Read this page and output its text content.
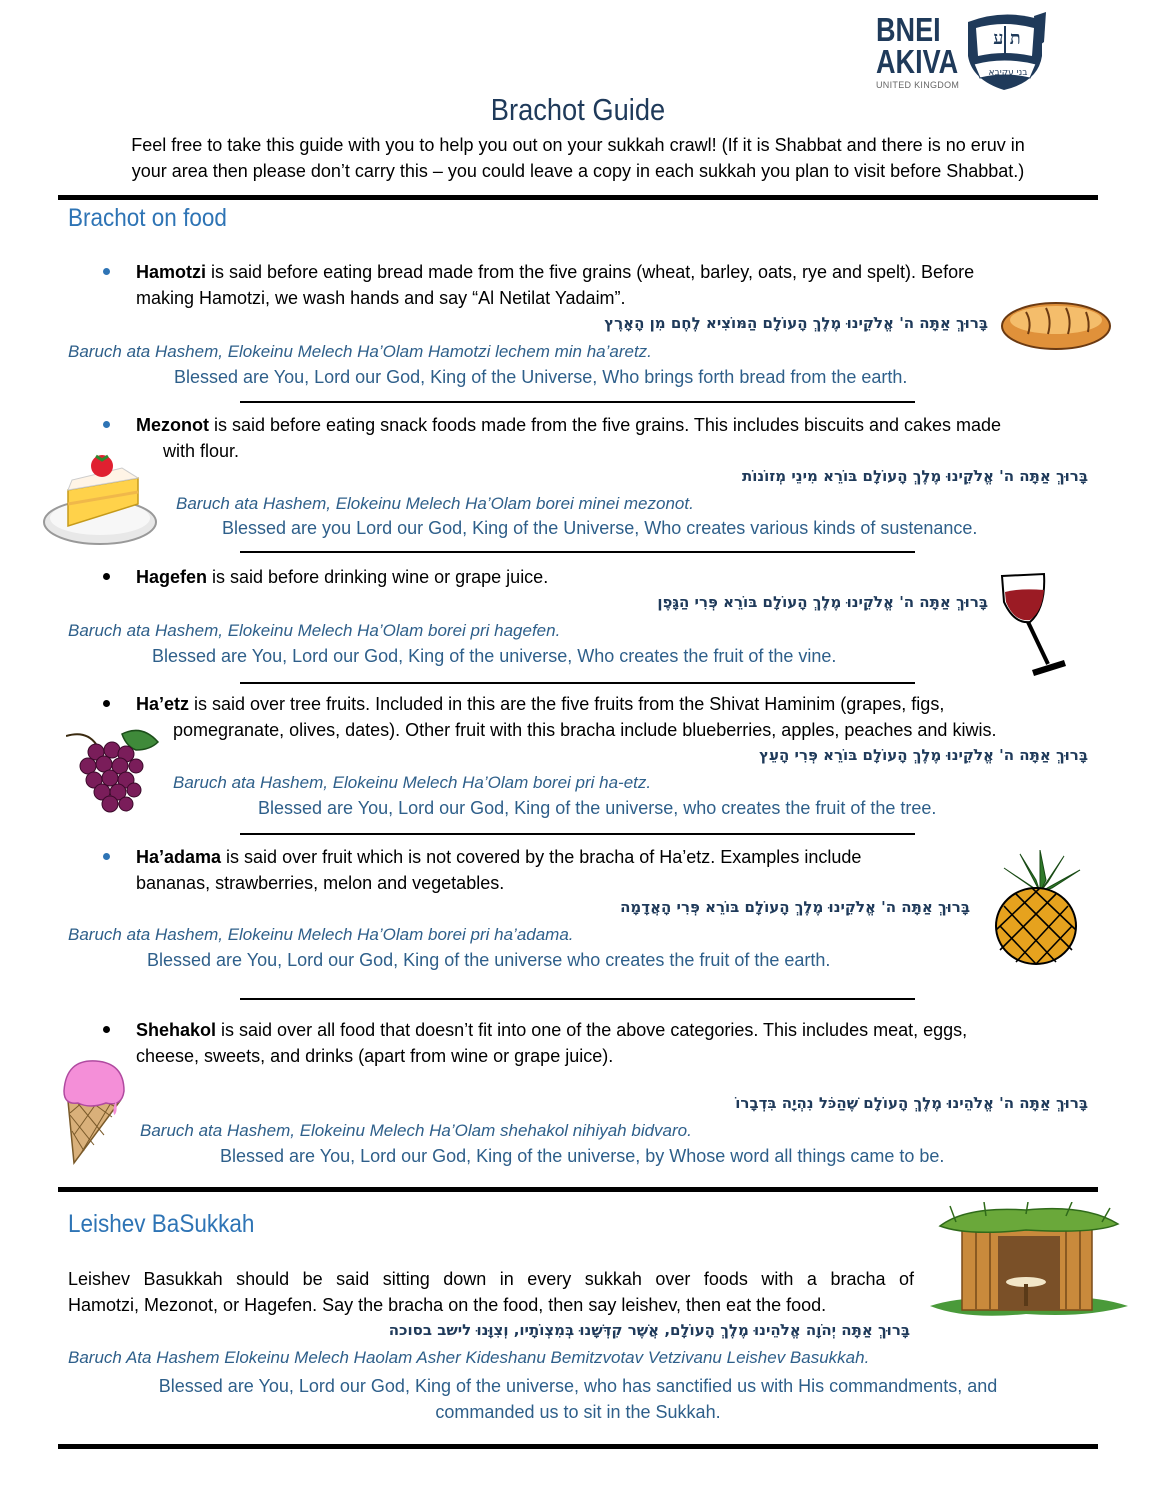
BNEI
AKIVA
UNITED KINGDOM
ת ע
בני עקיבא
Brachot Guide
Feel free to take this guide with you to help you out on your sukkah crawl! (If it is Shabbat and there is no eruv in
your area then please don’t carry this – you could leave a copy in each sukkah you plan to visit before Shabbat.)
Brachot on food
Hamotzi is said before eating bread made from the five grains (wheat, barley, oats, rye and spelt). Before
making Hamotzi, we wash hands and say “Al Netilat Yadaim”.
בָּרוּךְ אַתָּה ה' אֱלֹקֵינוּ מֶלֶךְ הָעוֹלָם הַמּוֹצִיא לֶחֶם מִן הָאָרֶץ
Baruch ata Hashem, Elokeinu Melech Ha’Olam Hamotzi lechem min ha’aretz.
Blessed are You, Lord our God, King of the Universe, Who brings forth bread from the earth.
Mezonot is said before eating snack foods made from the five grains. This includes biscuits and cakes made
with flour.
בָּרוּךְ אַתָּה ה' אֱלֹקֵינוּ מֶלֶךְ הָעוֹלָם בּוֹרֵא מִינֵי מְזוֹנוֹת
Baruch ata Hashem, Elokeinu Melech Ha’Olam borei minei mezonot.
Blessed are you Lord our God, King of the Universe, Who creates various kinds of sustenance.
Hagefen is said before drinking wine or grape juice.
בָּרוּךְ אַתָּה ה' אֱלֹקֵינוּ מֶלֶךְ הָעוֹלָם בּוֹרֵא פְּרִי הַגָּפֶן
Baruch ata Hashem, Elokeinu Melech Ha’Olam borei pri hagefen.
Blessed are You, Lord our God, King of the universe, Who creates the fruit of the vine.
Ha’etz is said over tree fruits. Included in this are the five fruits from the Shivat Haminim (grapes, figs,
pomegranate, olives, dates). Other fruit with this bracha include blueberries, apples, peaches and kiwis.
בָּרוּךְ אַתָּה ה' אֱלֹקֵינוּ מֶלֶךְ הָעוֹלָם בּוֹרֵא פְּרִי הָעֵץ
Baruch ata Hashem, Elokeinu Melech Ha’Olam borei pri ha-etz.
Blessed are You, Lord our God, King of the universe, who creates the fruit of the tree.
Ha’adama is said over fruit which is not covered by the bracha of Ha’etz. Examples include
bananas, strawberries, melon and vegetables.
בָּרוּךְ אַתָּה ה' אֱלֹקֵינוּ מֶלֶךְ הָעוֹלָם בּוֹרֵא פְּרִי הָאֲדָמָה
Baruch ata Hashem, Elokeinu Melech Ha’Olam borei pri ha’adama.
Blessed are You, Lord our God, King of the universe who creates the fruit of the earth.
Shehakol is said over all food that doesn’t fit into one of the above categories. This includes meat, eggs,
cheese, sweets, and drinks (apart from wine or grape juice).
בָּרוּךְ אַתָּה ה' אֱלֹהֵינוּ מֶלֶךְ הָעוֹלָם שֶׁהַכֹּל נִהְיָה בִּדְבָרוֹ
Baruch ata Hashem, Elokeinu Melech Ha’Olam shehakol nihiyah bidvaro.
Blessed are You, Lord our God, King of the universe, by Whose word all things came to be.
Leishev BaSukkah
Leishev Basukkah should be said sitting down in every sukkah over foods with a bracha of
Hamotzi, Mezonot, or Hagefen. Say the bracha on the food, then say leishev, then eat the food.
בָּרוּךְ אַתָּה יְהֹוָה אֱלֹהֵינוּ מֶלֶךְ הָעוֹלָם, אֲשֶׁר קִדְּשָׁנוּ בְּמִצְוֹתָיו, וְצִוָּנוּ לישב בסוכה
Baruch Ata Hashem Elokeinu Melech Haolam Asher Kideshanu Bemitzvotav Vetzivanu Leishev Basukkah.
Blessed are You, Lord our God, King of the universe, who has sanctified us with His commandments, and
commanded us to sit in the Sukkah.
